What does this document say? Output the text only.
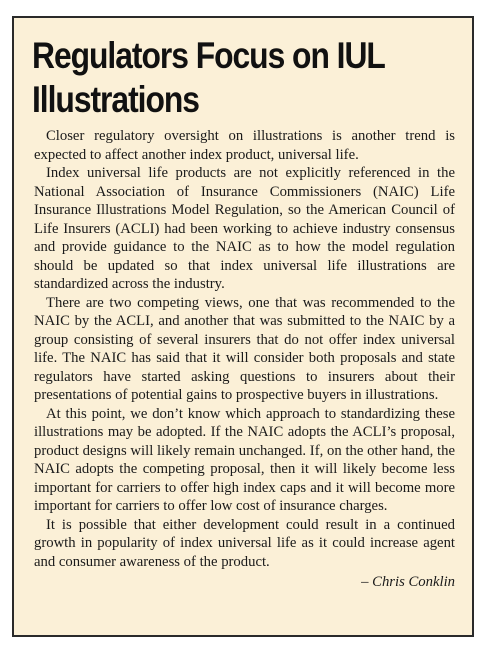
Regulators Focus on IUL
Illustrations

Closer regulatory oversight on illustrations is another trend is expected to affect another index product, universal life.

Index universal life products are not explicitly referenced in the National Association of Insurance Commissioners (NAIC) Life Insurance Illustrations Model Regulation, so the American Council of Life Insurers (ACLI) had been working to achieve industry consensus and provide guidance to the NAIC as to how the model regulation should be updated so that index universal life illustrations are standardized across the industry.

There are two competing views, one that was recommended to the NAIC by the ACLI, and another that was submitted to the NAIC by a group consisting of several insurers that do not offer index universal life. The NAIC has said that it will consider both proposals and state regulators have started asking questions to insurers about their presentations of potential gains to prospective buyers in illustrations.

At this point, we don’t know which approach to standardizing these illustrations may be adopted. If the NAIC adopts the ACLI’s proposal, product designs will likely remain unchanged. If, on the other hand, the NAIC adopts the competing proposal, then it will likely become less important for carriers to offer high index caps and it will become more important for carriers to offer low cost of insurance charges.

It is possible that either development could result in a continued growth in popularity of index universal life as it could increase agent and consumer awareness of the product.

– Chris Conklin
